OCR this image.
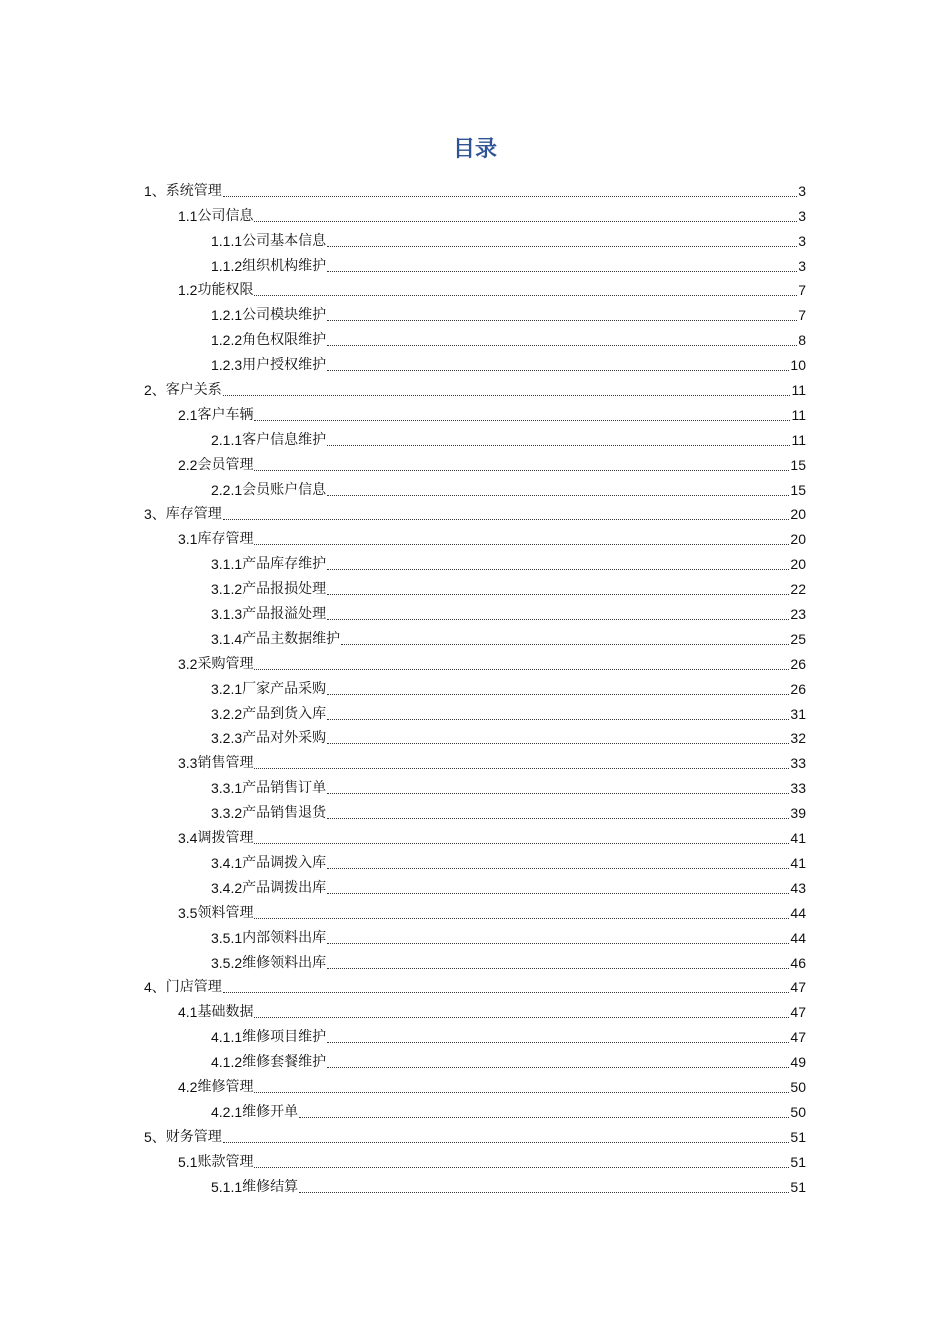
目录
1、 系统管理	3
1.1 公司信息	3
1.1.1 公司基本信息	3
1.1.2 组织机构维护	3
1.2 功能权限	7
1.2.1 公司模块维护	7
1.2.2 角色权限维护	8
1.2.3 用户授权维护	10
2、 客户关系	11
2.1 客户车辆	11
2.1.1 客户信息维护	11
2.2 会员管理	15
2.2.1 会员账户信息	15
3、 库存管理	20
3.1 库存管理	20
3.1.1 产品库存维护	20
3.1.2 产品报损处理	22
3.1.3 产品报溢处理	23
3.1.4 产品主数据维护	25
3.2 采购管理	26
3.2.1 厂家产品采购	26
3.2.2 产品到货入库	31
3.2.3 产品对外采购	32
3.3 销售管理	33
3.3.1 产品销售订单	33
3.3.2 产品销售退货	39
3.4 调拨管理	41
3.4.1 产品调拨入库	41
3.4.2 产品调拨出库	43
3.5 领料管理	44
3.5.1 内部领料出库	44
3.5.2 维修领料出库	46
4、 门店管理	47
4.1 基础数据	47
4.1.1 维修项目维护	47
4.1.2 维修套餐维护	49
4.2 维修管理	50
4.2.1 维修开单	50
5、 财务管理	51
5.1 账款管理	51
5.1.1 维修结算	51
